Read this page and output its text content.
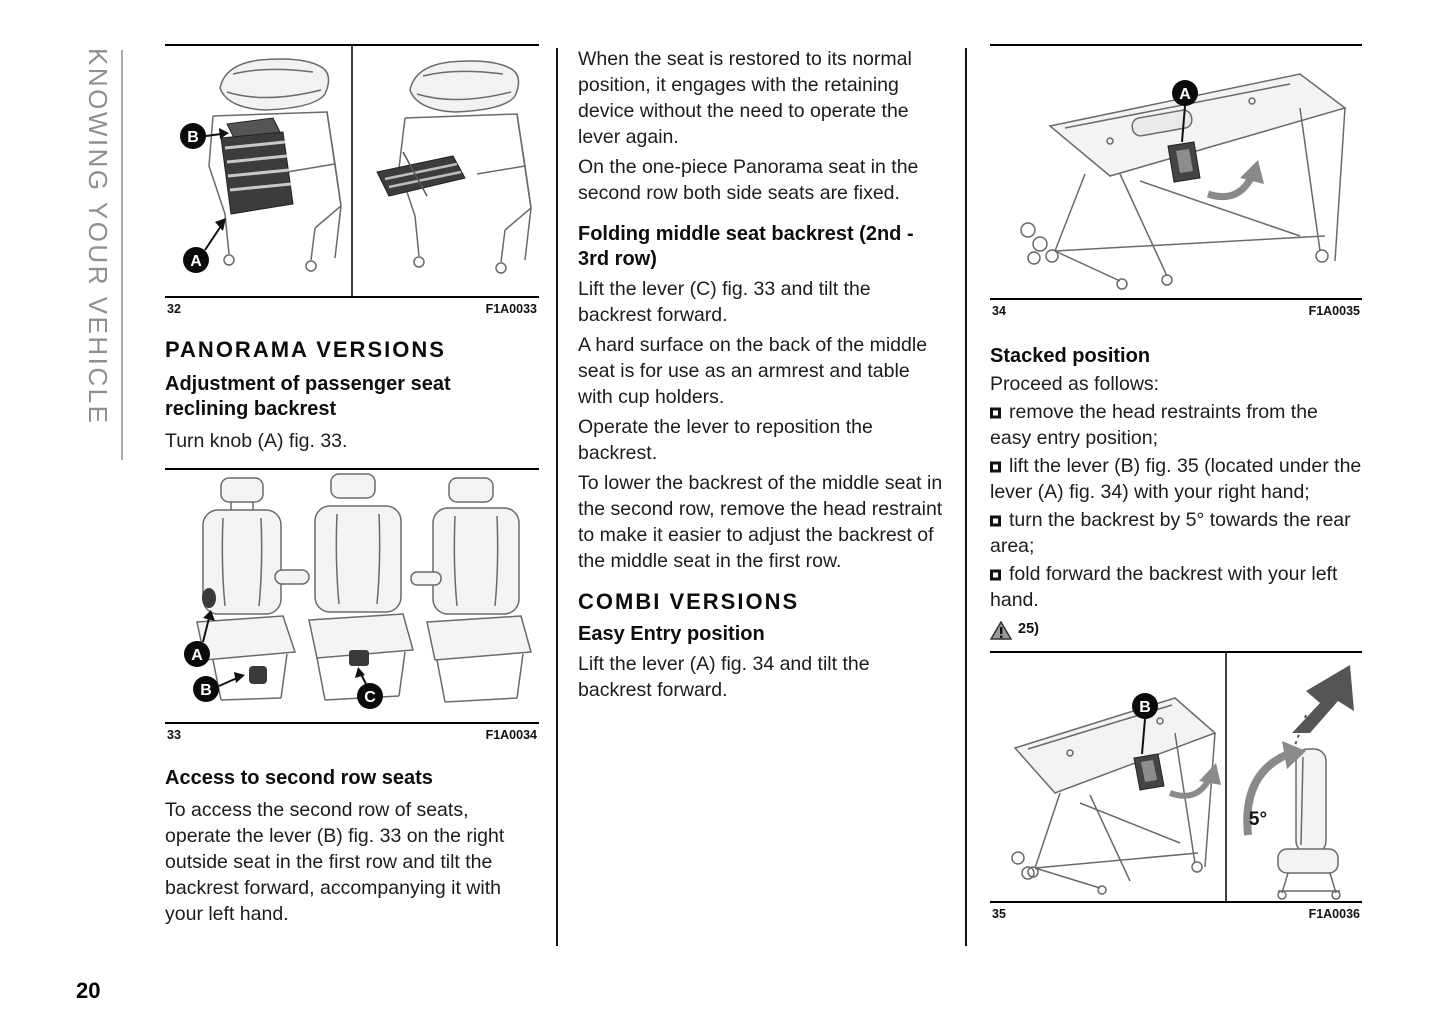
KNOWING YOUR VEHICLE	B
A
32	F1A0033
PANORAMA VERSIONS
Adjustment of passenger seat reclining backrest

Turn knob (A) fig. 33.

A
B	C
33	F1A0034
Access to second row seats

To access the second row of seats, operate the lever (B) fig. 33 on the right outside seat in the first row and tilt the backrest forward, accompanying it with your left hand.

When the seat is restored to its normal position, it engages with the retaining device without the need to operate the lever again.

On the one-piece Panorama seat in the second row both side seats are fixed.

Folding middle seat backrest (2nd - 3rd row)

Lift the lever (C) fig. 33 and tilt the backrest forward.

A hard surface on the back of the middle seat is for use as an armrest and table with cup holders.

Operate the lever to reposition the backrest.

To lower the backrest of the middle seat in the second row, remove the head restraint to make it easier to adjust the backrest of the middle seat in the first row.

COMBI VERSIONS
Easy Entry position

Lift the lever (A) fig. 34 and tilt the backrest forward.

A
34	F1A0035
Stacked position

Proceed as follows:

remove the head restraints from the easy entry position;

lift the lever (B) fig. 35 (located under the lever (A) fig. 34) with your right hand;

turn the backrest by 5° towards the rear area;

fold forward the backrest with your left hand.

25)
B
5°
35	F1A0036
20
